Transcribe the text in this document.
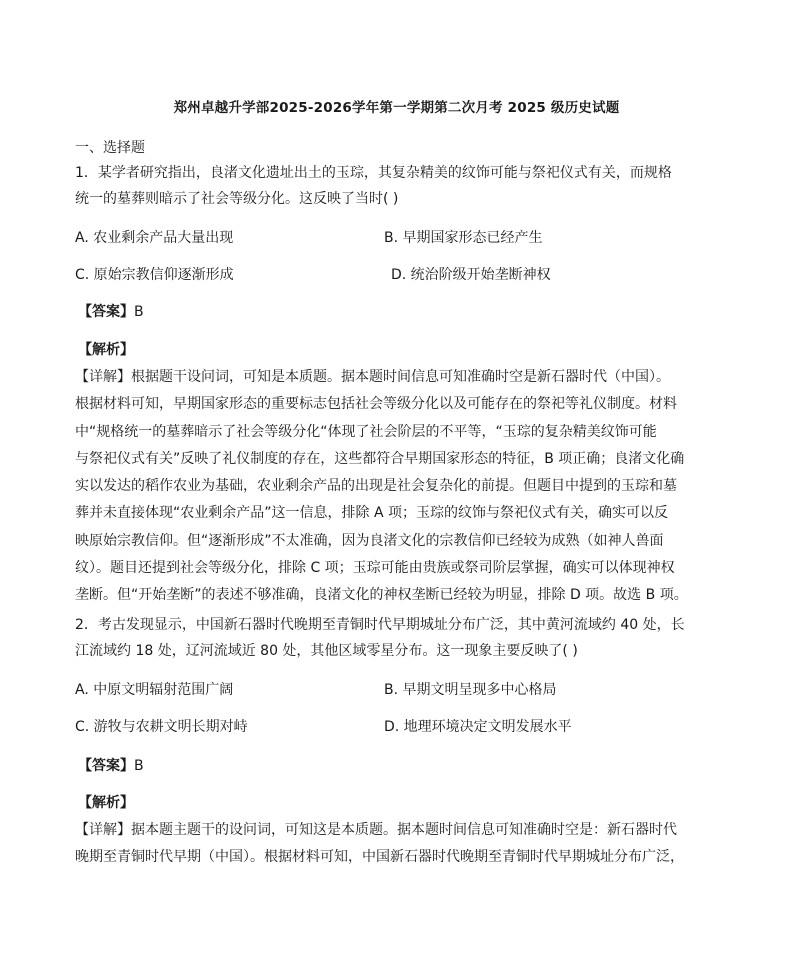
郑州卓越升学部2025-2026学年第一学期第二次月考 2025 级历史试题
一、选择题
1．某学者研究指出，良渚文化遗址出土的玉琮，其复杂精美的纹饰可能与祭祀仪式有关，而规格
统一的墓葬则暗示了社会等级分化。这反映了当时( )
A. 农业剩余产品大量出现	B. 早期国家形态已经产生
C. 原始宗教信仰逐渐形成	D. 统治阶级开始垄断神权
【答案】B
【解析】
【详解】根据题干设问词，可知是本质题。据本题时间信息可知准确时空是新石器时代（中国）。
根据材料可知，早期国家形态的重要标志包括社会等级分化以及可能存在的祭祀等礼仪制度。材料
中“规格统一的墓葬暗示了社会等级分化“体现了社会阶层的不平等，“玉琮的复杂精美纹饰可能
与祭祀仪式有关”反映了礼仪制度的存在，这些都符合早期国家形态的特征，B 项正确；良渚文化确
实以发达的稻作农业为基础，农业剩余产品的出现是社会复杂化的前提。但题目中提到的玉琮和墓
葬并未直接体现“农业剩余产品”这一信息，排除 A 项；玉琮的纹饰与祭祀仪式有关，确实可以反
映原始宗教信仰。但“逐渐形成”不太准确，因为良渚文化的宗教信仰已经较为成熟（如神人兽面
纹）。题目还提到社会等级分化，排除 C 项；玉琮可能由贵族或祭司阶层掌握，确实可以体现神权
垄断。但“开始垄断”的表述不够准确，良渚文化的神权垄断已经较为明显，排除 D 项。故选 B 项。
2．考古发现显示，中国新石器时代晚期至青铜时代早期城址分布广泛，其中黄河流域约 40 处，长
江流域约 18 处，辽河流域近 80 处，其他区域零星分布。这一现象主要反映了( )
A. 中原文明辐射范围广阔	B. 早期文明呈现多中心格局
C. 游牧与农耕文明长期对峙	D. 地理环境决定文明发展水平
【答案】B
【解析】
【详解】据本题主题干的设问词，可知这是本质题。据本题时间信息可知准确时空是：新石器时代
晚期至青铜时代早期（中国）。根据材料可知，中国新石器时代晚期至青铜时代早期城址分布广泛，
